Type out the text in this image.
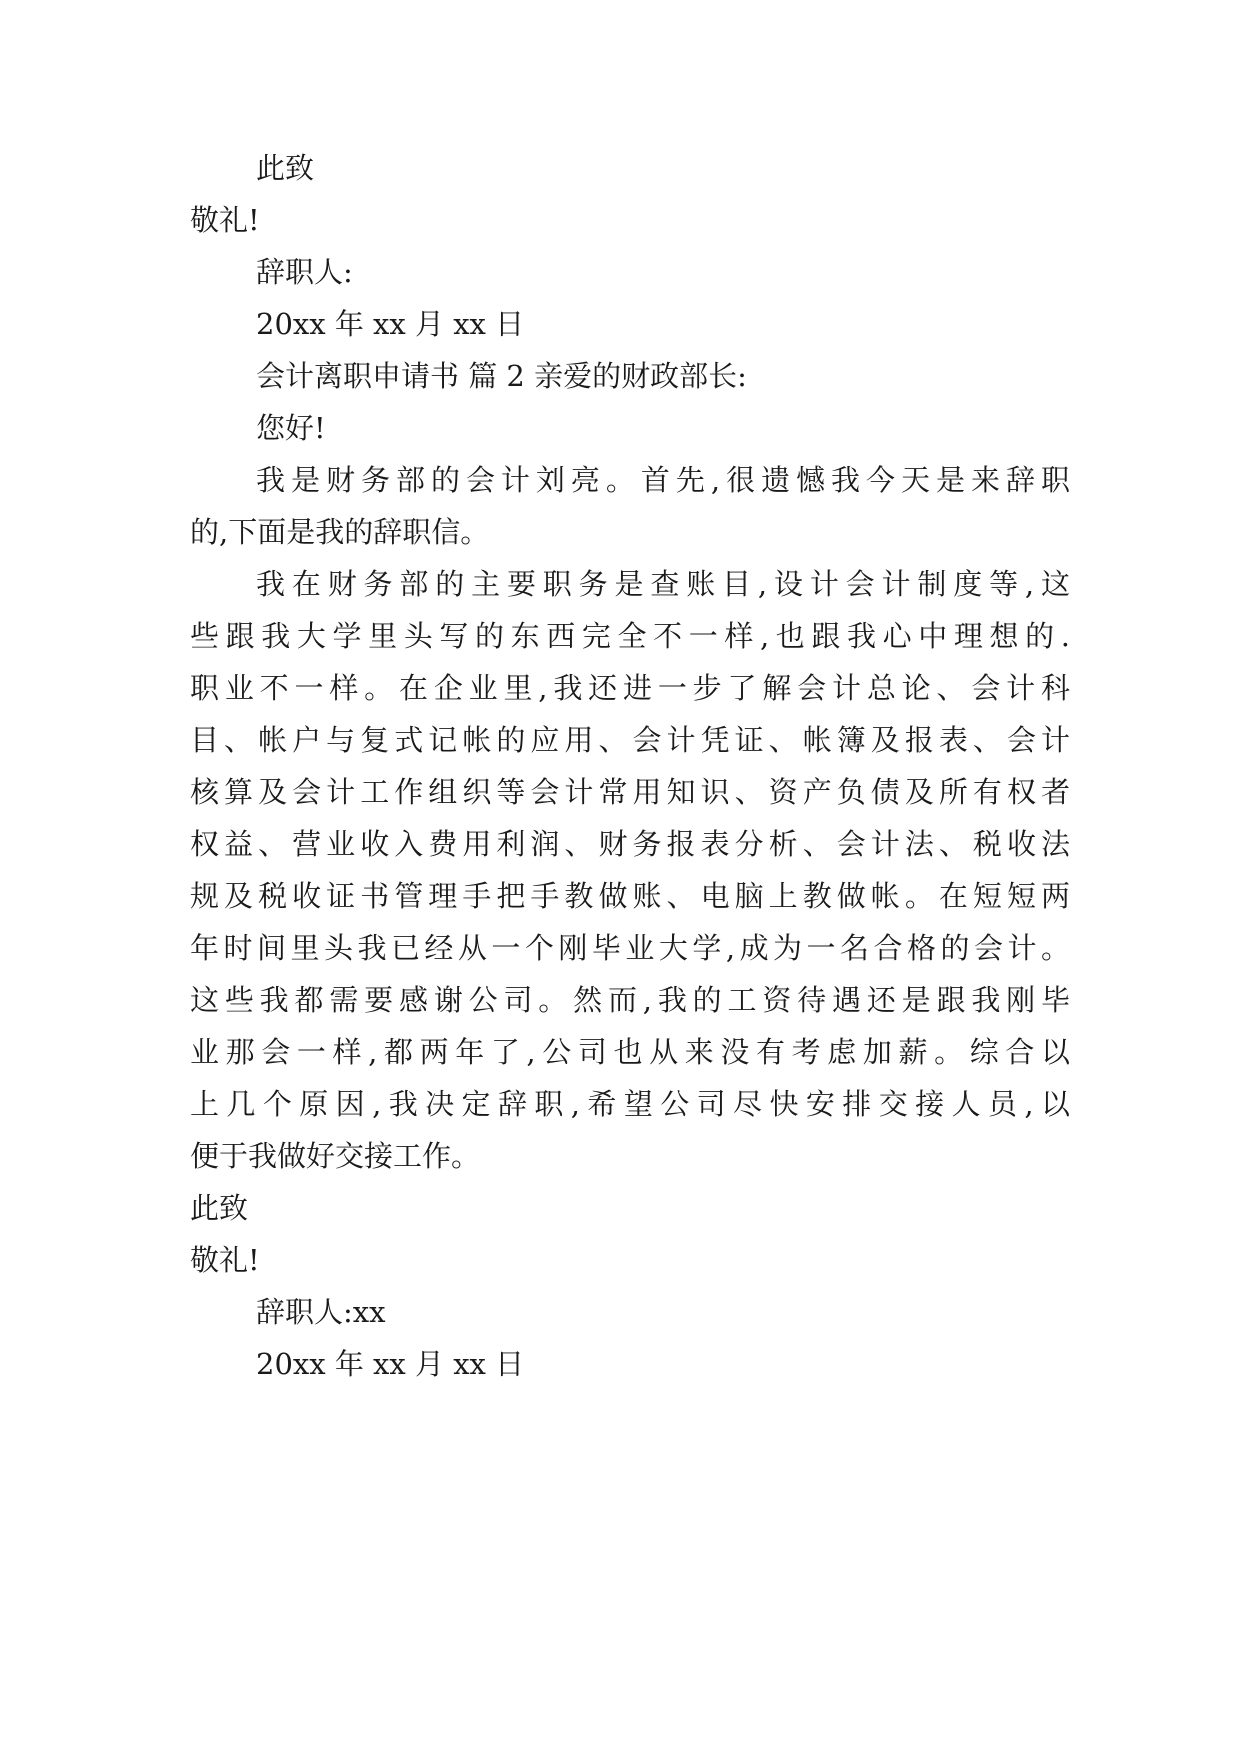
此致
敬礼!
辞职人:
20xx 年 xx 月 xx 日
会计离职申请书 篇 2 亲爱的财政部长:
您好!
我是财务部的会计刘亮。首先,很遗憾我今天是来辞职
的,下面是我的辞职信。
我在财务部的主要职务是查账目,设计会计制度等,这
些跟我大学里头写的东西完全不一样,也跟我心中理想的.
职业不一样。在企业里,我还进一步了解会计总论、会计科
目、帐户与复式记帐的应用、会计凭证、帐簿及报表、会计
核算及会计工作组织等会计常用知识、资产负债及所有权者
权益、营业收入费用利润、财务报表分析、会计法、税收法
规及税收证书管理手把手教做账、电脑上教做帐。在短短两
年时间里头我已经从一个刚毕业大学,成为一名合格的会计。
这些我都需要感谢公司。然而,我的工资待遇还是跟我刚毕
业那会一样,都两年了,公司也从来没有考虑加薪。综合以
上几个原因,我决定辞职,希望公司尽快安排交接人员,以
便于我做好交接工作。
此致
敬礼!
辞职人:xx
20xx 年 xx 月 xx 日
